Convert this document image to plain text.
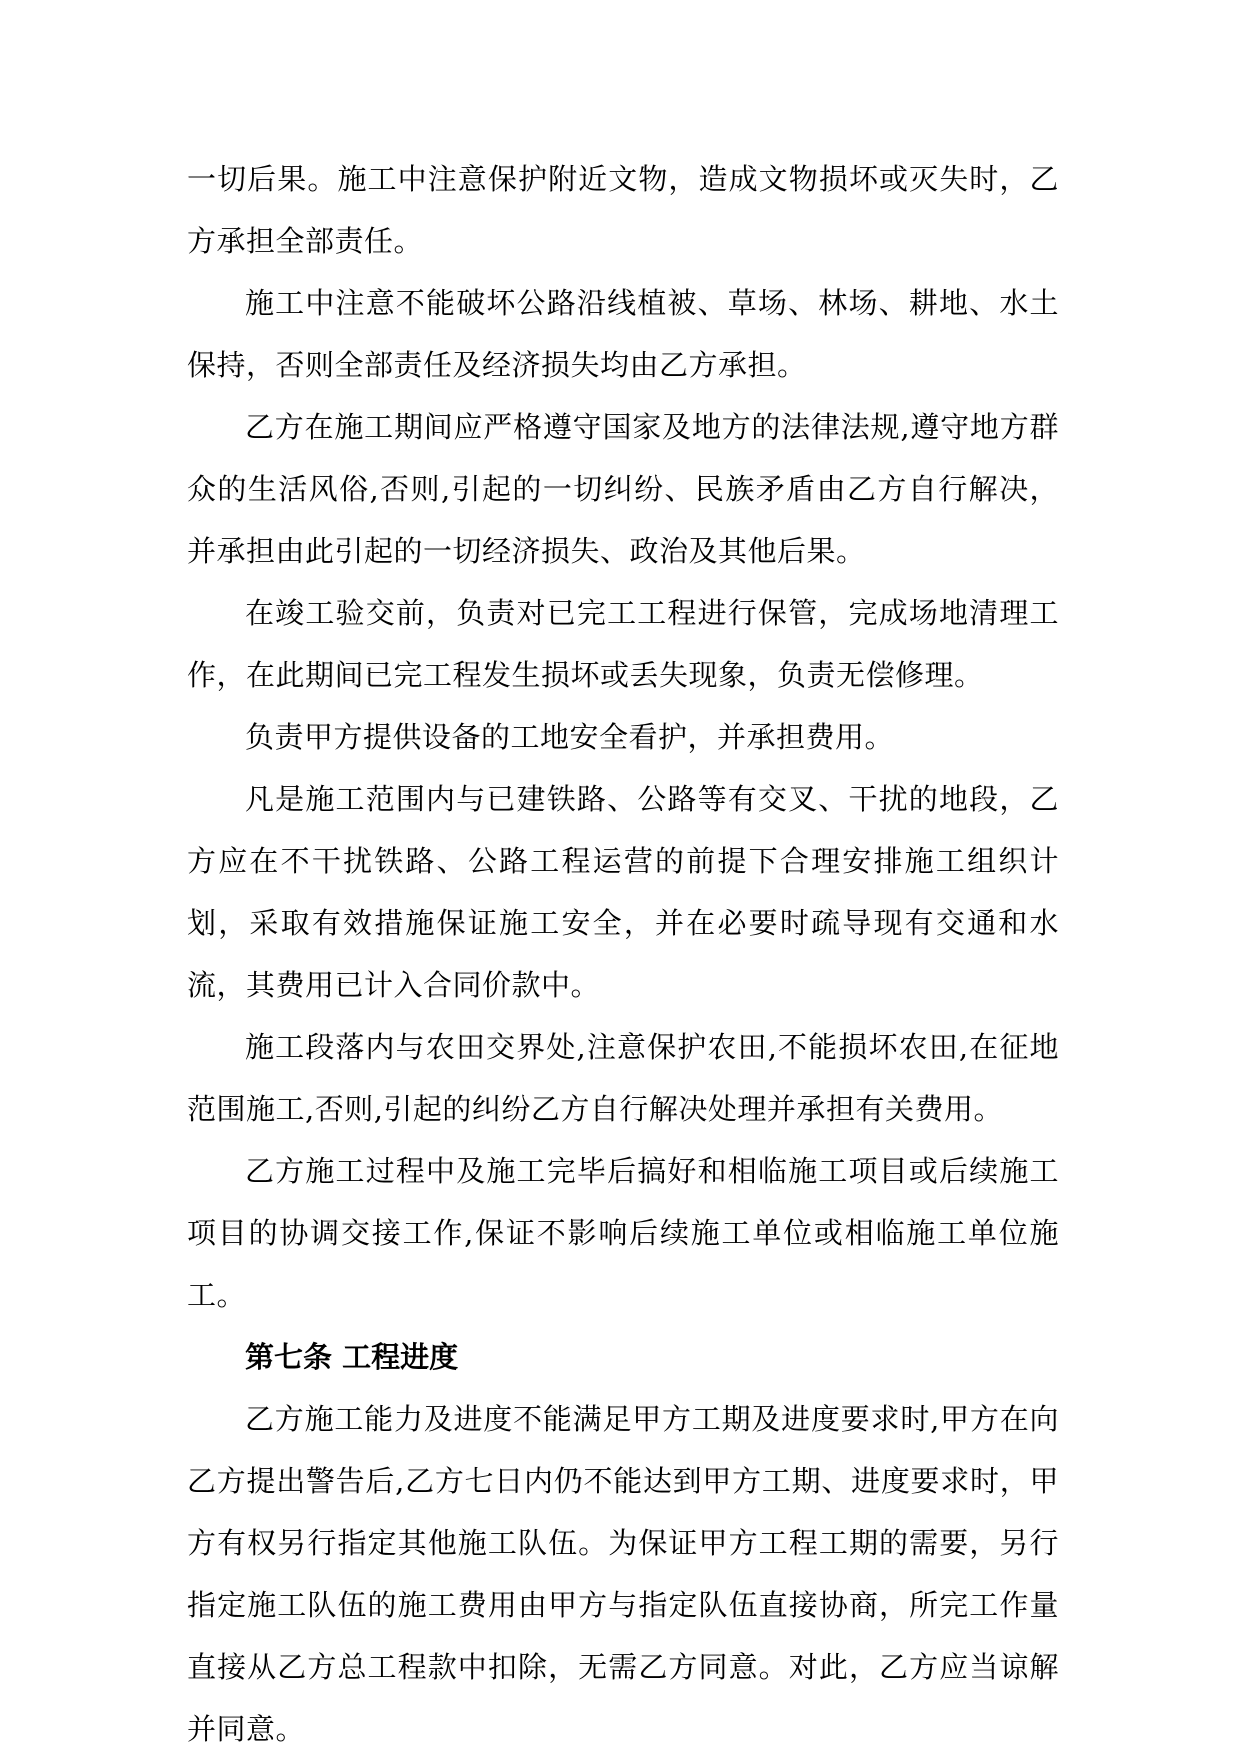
一切后果。施工中注意保护附近文物，造成文物损坏或灭失时，乙方承担全部责任。

施工中注意不能破坏公路沿线植被、草场、林场、耕地、水土保持，否则全部责任及经济损失均由乙方承担。

乙方在施工期间应严格遵守国家及地方的法律法规,遵守地方群众的生活风俗,否则,引起的一切纠纷、民族矛盾由乙方自行解决，并承担由此引起的一切经济损失、政治及其他后果。

在竣工验交前，负责对已完工工程进行保管，完成场地清理工作，在此期间已完工程发生损坏或丢失现象，负责无偿修理。

负责甲方提供设备的工地安全看护，并承担费用。

凡是施工范围内与已建铁路、公路等有交叉、干扰的地段，乙方应在不干扰铁路、公路工程运营的前提下合理安排施工组织计划，采取有效措施保证施工安全，并在必要时疏导现有交通和水流，其费用已计入合同价款中。

施工段落内与农田交界处,注意保护农田,不能损坏农田,在征地范围施工,否则,引起的纠纷乙方自行解决处理并承担有关费用。

乙方施工过程中及施工完毕后搞好和相临施工项目或后续施工项目的协调交接工作,保证不影响后续施工单位或相临施工单位施工。

第七条 工程进度

乙方施工能力及进度不能满足甲方工期及进度要求时,甲方在向乙方提出警告后,乙方七日内仍不能达到甲方工期、进度要求时，甲方有权另行指定其他施工队伍。为保证甲方工程工期的需要，另行指定施工队伍的施工费用由甲方与指定队伍直接协商，所完工作量直接从乙方总工程款中扣除，无需乙方同意。对此，乙方应当谅解并同意。
